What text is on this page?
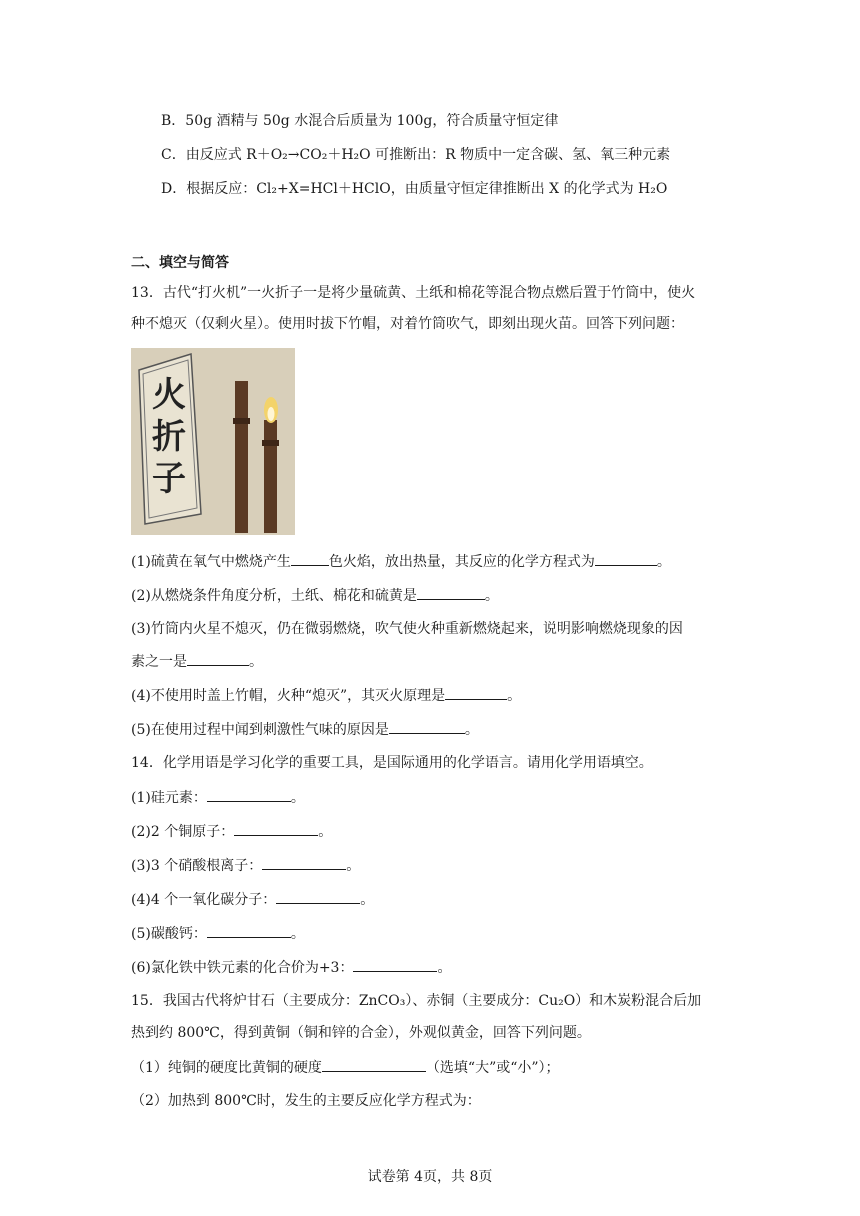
B．50g 酒精与 50g 水混合后质量为 100g，符合质量守恒定律
C．由反应式 R＋O₂→CO₂＋H₂O 可推断出：R 物质中一定含碳、氢、氧三种元素
D．根据反应：Cl₂+X=HCl＋HClO，由质量守恒定律推断出 X 的化学式为 H₂O
二、填空与简答
13．古代“打火机”一火折子一是将少量硫黄、土纸和棉花等混合物点燃后置于竹筒中，使火
种不熄灭（仅剩火星）。使用时拔下竹帽，对着竹筒吹气，即刻出现火苗。回答下列问题：
火
折
子
(1)硫黄在氧气中燃烧产生	色火焰，放出热量，其反应的化学方程式为	。
(2)从燃烧条件角度分析，土纸、棉花和硫黄是	。
(3)竹筒内火星不熄灭，仍在微弱燃烧，吹气使火种重新燃烧起来，说明影响燃烧现象的因
素之一是	。
(4)不使用时盖上竹帽，火种“熄灭”，其灭火原理是	。
(5)在使用过程中闻到刺激性气味的原因是	。
14．化学用语是学习化学的重要工具，是国际通用的化学语言。请用化学用语填空。
(1)硅元素：	。
(2)2 个铜原子：	。
(3)3 个硝酸根离子：	。
(4)4 个一氧化碳分子：	。
(5)碳酸钙：	。
(6)氯化铁中铁元素的化合价为+3：	。
15．我国古代将炉甘石（主要成分：ZnCO₃）、赤铜（主要成分：Cu₂O）和木炭粉混合后加
热到约 800℃，得到黄铜（铜和锌的合金），外观似黄金，回答下列问题。
（1）纯铜的硬度比黄铜的硬度	（选填“大”或“小”）；
（2）加热到 800℃时，发生的主要反应化学方程式为：
试卷第 4页，共 8页
